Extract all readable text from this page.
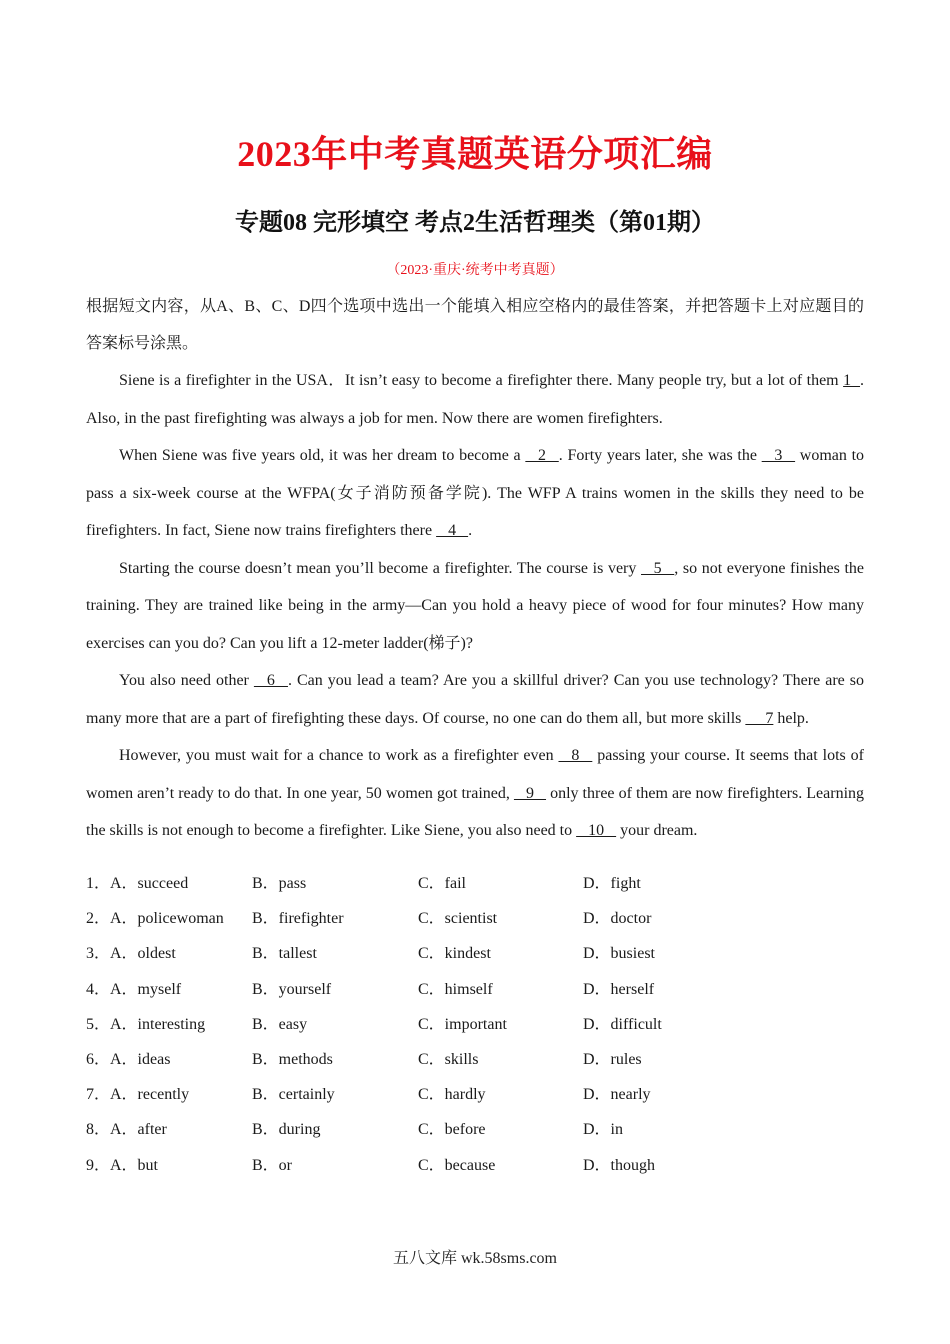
2023年中考真题英语分项汇编
专题08 完形填空 考点2生活哲理类（第01期）
（2023·重庆·统考中考真题）

根据短文内容，从A、B、C、D四个选项中选出一个能填入相应空格内的最佳答案，并把答题卡上对应题目的答案标号涂黑。

Siene is a firefighter in the USA．It isn’t easy to become a firefighter there. Many people try, but a lot of them 1  . Also, in the past firefighting was always a job for men. Now there are women firefighters.

When Siene was five years old, it was her dream to become a  _2_ . Forty years later, she was the  _3_  woman to pass a six-week course at the WFPA(女子消防预备学院). The WFP A trains women in the skills they need to be firefighters. In fact, Siene now trains firefighters there  _4_ .

Starting the course doesn’t mean you’ll become a firefighter. The course is very  _5_ , so not everyone finishes the training. They are trained like being in the army—Can you hold a heavy piece of wood for four minutes? How many exercises can you do? Can you lift a 12-meter ladder(梯子)?

You also need other  _6_ . Can you lead a team? Are you a skillful driver? Can you use technology? There are so many more that are a part of firefighting these days. Of course, no one can do them all, but more skills  __7 help.

However, you must wait for a chance to work as a firefighter even  _8_  passing your course. It seems that lots of women aren’t ready to do that. In one year, 50 women got trained,  _9_  only three of them are now firefighters. Learning the skills is not enough to become a firefighter. Like Siene, you also need to  _10_  your dream.

1．A．succeed	B．pass	C．fail	D．fight
2．A．policewoman B．firefighter	C．scientist	D．doctor
3．A．oldest	B．tallest	C．kindest	D．busiest
4．A．myself	B．yourself	C．himself	D．herself
5．A．interesting	B．easy	C．important	D．difficult
6．A．ideas	B．methods	C．skills	D．rules
7．A．recently	B．certainly	C．hardly	D．nearly
8．A．after	B．during	C．before	D．in
9．A．but	B．or	C．because	D．though
五八文库 wk.58sms.com
